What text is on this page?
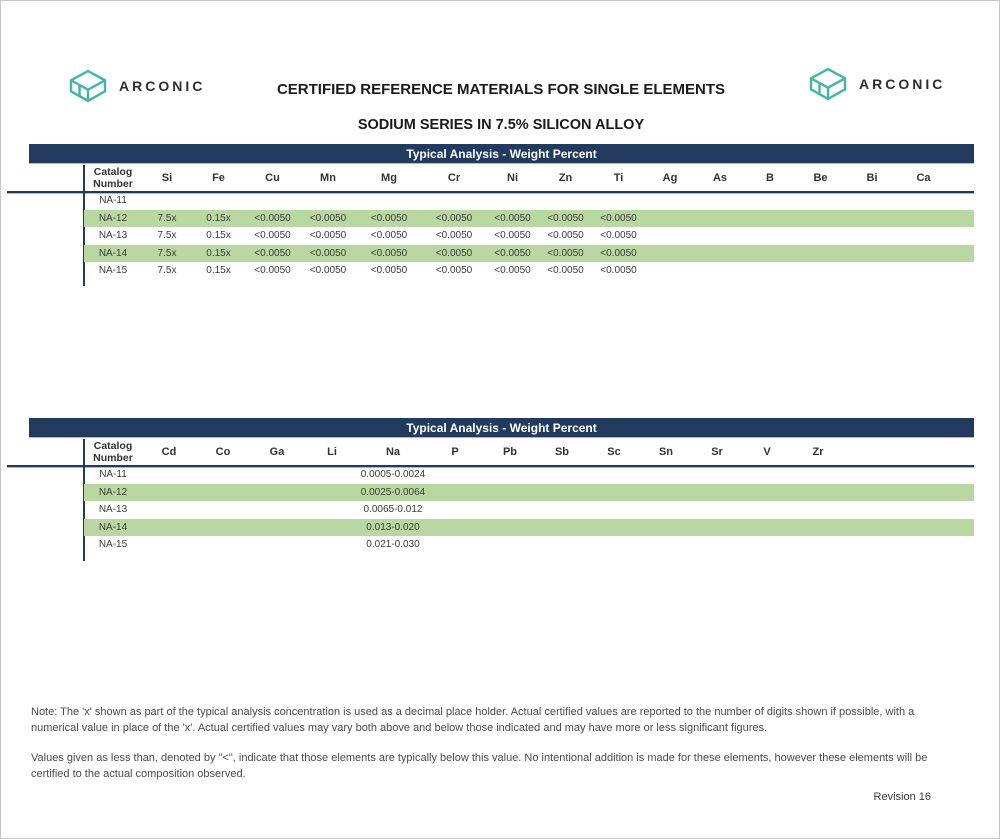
ARCONIC	ARCONIC
CERTIFIED REFERENCE MATERIALS FOR SINGLE ELEMENTS
SODIUM SERIES IN 7.5% SILICON ALLOY
Typical Analysis - Weight Percent
Catalog
Number	Si	Fe	Cu	Mn	Mg	Cr	Ni	Zn	Ti	Ag	As	B	Be	Bi	Ca	
NA-11																
NA-12	7.5x	0.15x	<0.0050	<0.0050	<0.0050	<0.0050	<0.0050	<0.0050	<0.0050							
NA-13	7.5x	0.15x	<0.0050	<0.0050	<0.0050	<0.0050	<0.0050	<0.0050	<0.0050							
NA-14	7.5x	0.15x	<0.0050	<0.0050	<0.0050	<0.0050	<0.0050	<0.0050	<0.0050							
NA-15	7.5x	0.15x	<0.0050	<0.0050	<0.0050	<0.0050	<0.0050	<0.0050	<0.0050							
Typical Analysis - Weight Percent
Catalog
Number	Cd	Co	Ga	Li	Na	P	Pb	Sb	Sc	Sn	Sr	V	Zr	
NA-11					0.0005-0.0024									
NA-12					0.0025-0.0064									
NA-13					0.0065-0.012									
NA-14					0.013-0.020									
NA-15					0.021-0.030									
Note: The 'x' shown as part of the typical analysis concentration is used as a decimal place holder. Actual certified values are reported to the number of digits shown if possible, with a numerical value in place of the 'x'. Actual certified values may vary both above and below those indicated and may have more or less significant figures.
Values given as less than, denoted by "<", indicate that those elements are typically below this value. No intentional addition is made for these elements, however these elements will be certified to the actual composition observed.
Revision 16
